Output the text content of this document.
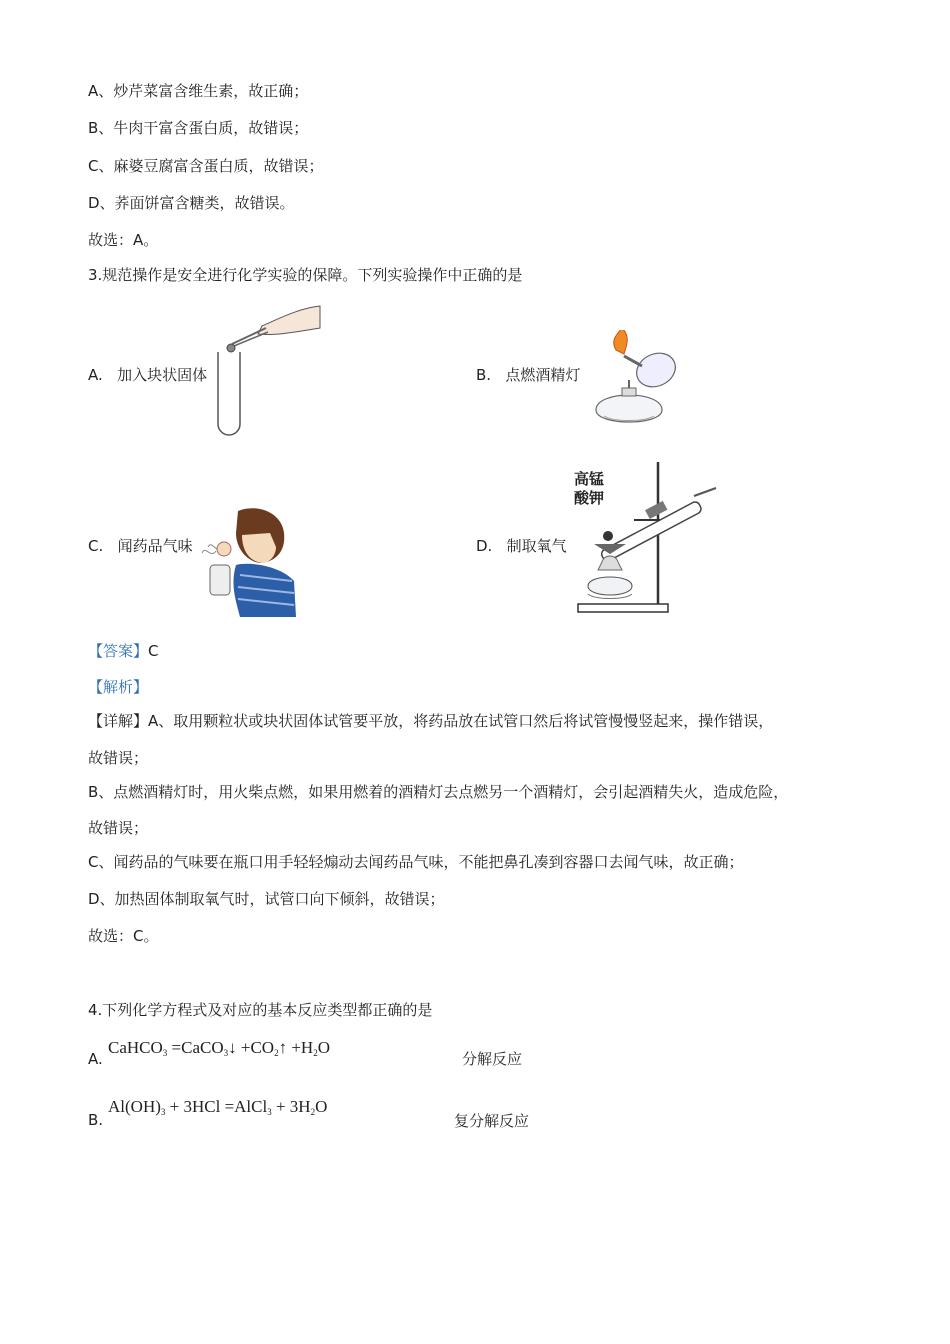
A、炒芹菜富含维生素，故正确；
B、牛肉干富含蛋白质，故错误；
C、麻婆豆腐富含蛋白质，故错误；
D、荞面饼富含糖类，故错误。
故选：A。
3.规范操作是安全进行化学实验的保障。下列实验操作中正确的是
A. 加入块状固体	B. 点燃酒精灯
C. 闻药品气味	D. 制取氧气
高锰
酸钾
【答案】C
【解析】
【详解】A、取用颗粒状或块状固体试管要平放，将药品放在试管口然后将试管慢慢竖起来，操作错误，
故错误；
B、点燃酒精灯时，用火柴点燃，如果用燃着的酒精灯去点燃另一个酒精灯，会引起酒精失火，造成危险，
故错误；
C、闻药品的气味要在瓶口用手轻轻煽动去闻药品气味，不能把鼻孔凑到容器口去闻气味，故正确；
D、加热固体制取氧气时，试管口向下倾斜，故错误；
故选：C。
4.下列化学方程式及对应的基本反应类型都正确的是
A.
CaHCO$_3$ =CaCO$_3$↓ $+CO_2↑ +H_2O$
分解反应
B.
$Al(OH)_3 + 3HCl$ =AlCl$_3$ + $3H_2O$
复分解反应
